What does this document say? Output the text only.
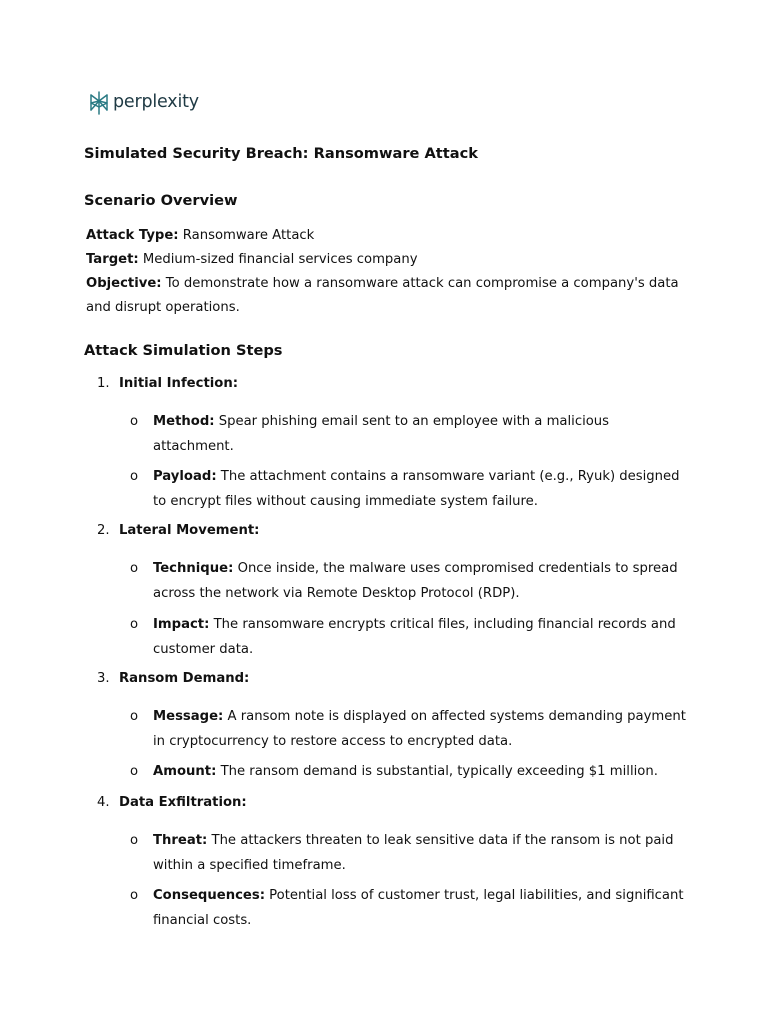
perplexity
Simulated Security Breach: Ransomware Attack
Scenario Overview

Attack Type: Ransomware Attack

Target: Medium-sized financial services company

Objective: To demonstrate how a ransomware attack can compromise a company's data and disrupt operations.

Attack Simulation Steps
1. Initial Infection:
o Method: Spear phishing email sent to an employee with a malicious attachment.
o Payload: The attachment contains a ransomware variant (e.g., Ryuk) designed to encrypt files without causing immediate system failure.
2. Lateral Movement:
o Technique: Once inside, the malware uses compromised credentials to spread across the network via Remote Desktop Protocol (RDP).
o Impact: The ransomware encrypts critical files, including financial records and customer data.
3. Ransom Demand:
o Message: A ransom note is displayed on affected systems demanding payment in cryptocurrency to restore access to encrypted data.
o Amount: The ransom demand is substantial, typically exceeding $1 million.
4. Data Exfiltration:
o Threat: The attackers threaten to leak sensitive data if the ransom is not paid within a specified timeframe.
o Consequences: Potential loss of customer trust, legal liabilities, and significant financial costs.
